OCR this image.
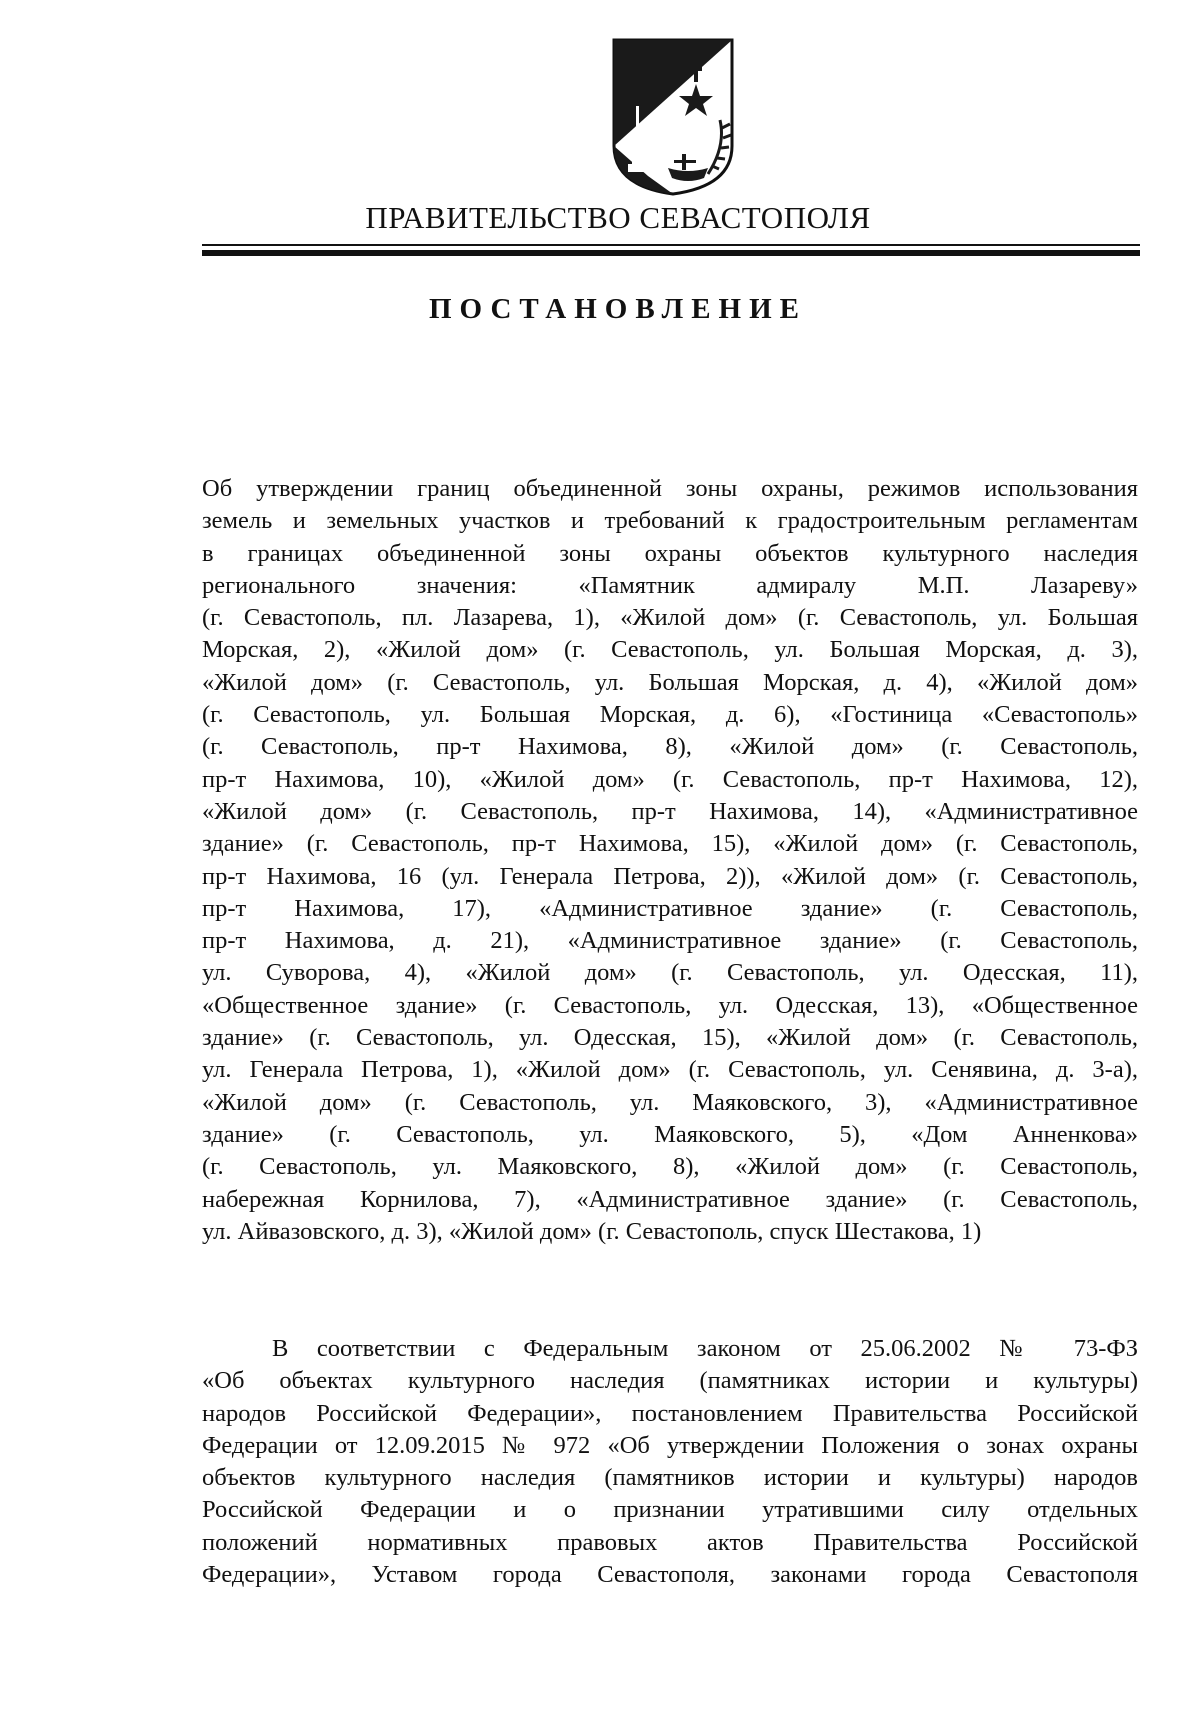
ПРАВИТЕЛЬСТВО СЕВАСТОПОЛЯ
ПОСТАНОВЛЕНИЕ
Об утверждении границ объединенной зоны охраны, режимов использования
земель и земельных участков и требований к градостроительным регламентам
в границах объединенной зоны охраны объектов культурного наследия
регионального значения: «Памятник адмиралу М.П. Лазареву»
(г. Севастополь, пл. Лазарева, 1), «Жилой дом» (г. Севастополь, ул. Большая
Морская, 2), «Жилой дом» (г. Севастополь, ул. Большая Морская, д. 3),
«Жилой дом» (г. Севастополь, ул. Большая Морская, д. 4), «Жилой дом»
(г. Севастополь, ул. Большая Морская, д. 6), «Гостиница «Севастополь»
(г. Севастополь, пр-т Нахимова, 8), «Жилой дом» (г. Севастополь,
пр-т Нахимова, 10), «Жилой дом» (г. Севастополь, пр-т Нахимова, 12),
«Жилой дом» (г. Севастополь, пр-т Нахимова, 14), «Административное
здание» (г. Севастополь, пр-т Нахимова, 15), «Жилой дом» (г. Севастополь,
пр-т Нахимова, 16 (ул. Генерала Петрова, 2)), «Жилой дом» (г. Севастополь,
пр-т Нахимова, 17), «Административное здание» (г. Севастополь,
пр-т Нахимова, д. 21), «Административное здание» (г. Севастополь,
ул. Суворова, 4), «Жилой дом» (г. Севастополь, ул. Одесская, 11),
«Общественное здание» (г. Севастополь, ул. Одесская, 13), «Общественное
здание» (г. Севастополь, ул. Одесская, 15), «Жилой дом» (г. Севастополь,
ул. Генерала Петрова, 1), «Жилой дом» (г. Севастополь, ул. Сенявина, д. 3-а),
«Жилой дом» (г. Севастополь, ул. Маяковского, 3), «Административное
здание» (г. Севастополь, ул. Маяковского, 5), «Дом Анненкова»
(г. Севастополь, ул. Маяковского, 8), «Жилой дом» (г. Севастополь,
набережная Корнилова, 7), «Административное здание» (г. Севастополь,
ул. Айвазовского, д. 3), «Жилой дом» (г. Севастополь, спуск Шестакова, 1)
В соответствии с Федеральным законом от 25.06.2002 № 73-ФЗ
«Об объектах культурного наследия (памятниках истории и культуры)
народов Российской Федерации», постановлением Правительства Российской
Федерации от 12.09.2015 № 972 «Об утверждении Положения о зонах охраны
объектов культурного наследия (памятников истории и культуры) народов
Российской Федерации и о признании утратившими силу отдельных
положений нормативных правовых актов Правительства Российской
Федерации», Уставом города Севастополя, законами города Севастополя
